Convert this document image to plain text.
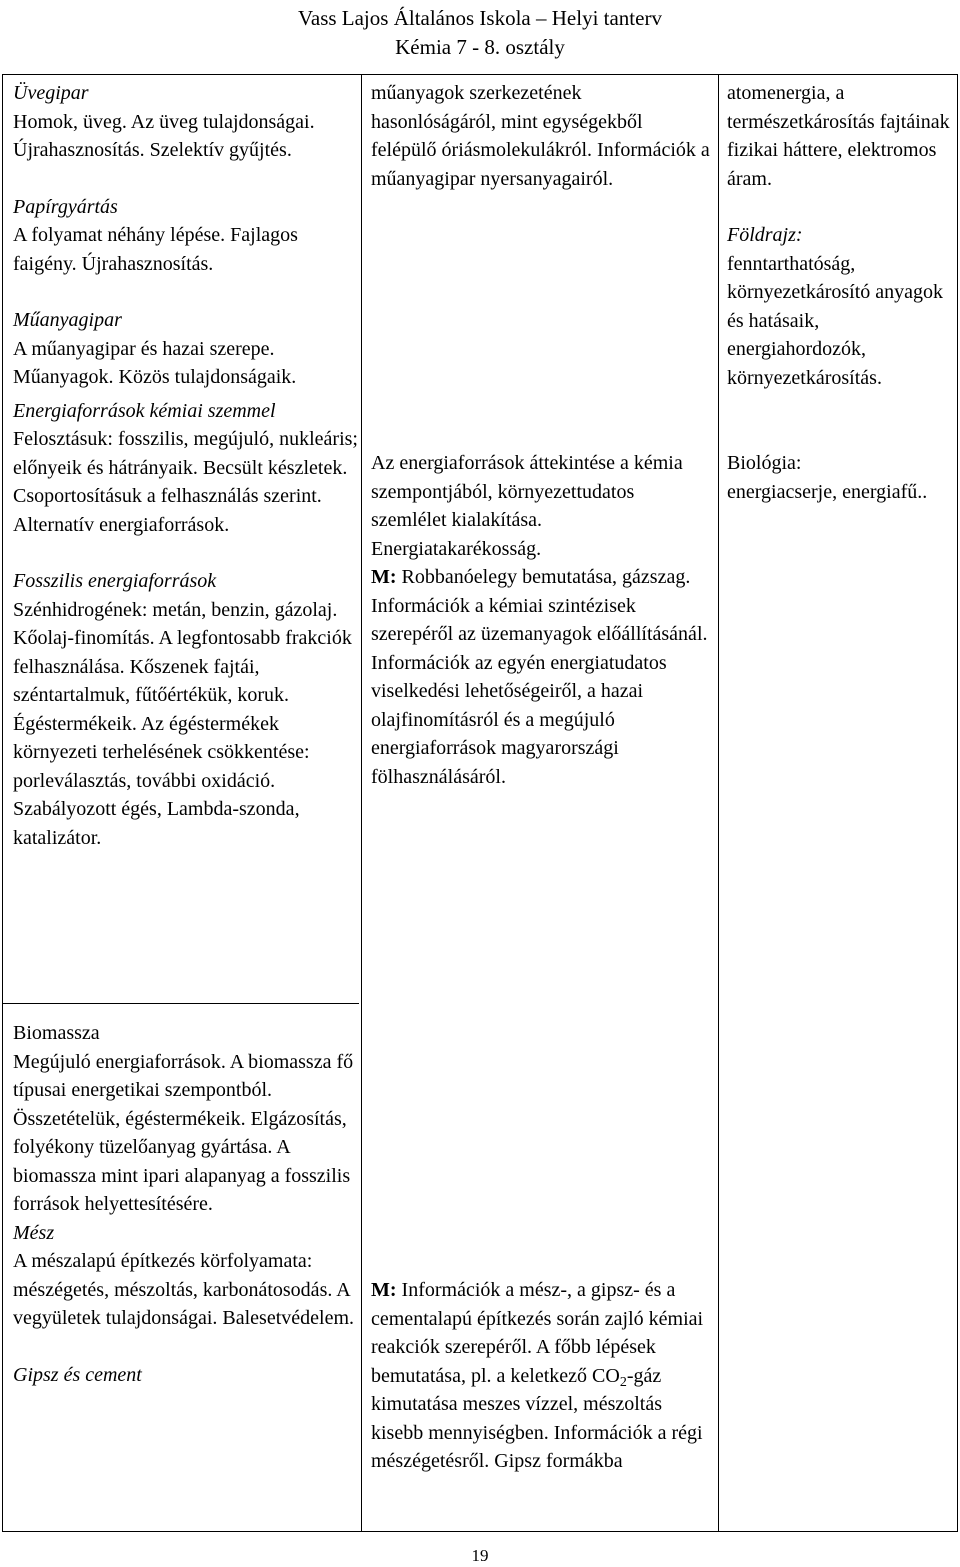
Vass Lajos Általános Iskola – Helyi tanterv
Kémia 7 - 8. osztály

Üvegipar

Homok, üveg. Az üveg tulajdonságai. Újrahasznosítás. Szelektív gyűjtés.

Papírgyártás

A folyamat néhány lépése. Fajlagos faigény. Újrahasznosítás.

Műanyagipar

A műanyagipar és hazai szerepe. Műanyagok. Közös tulajdonságaik.

Energiaforrások kémiai szemmel

Felosztásuk: fosszilis, megújuló, nukleáris; előnyeik és hátrányaik. Becsült készletek. Csoportosításuk a felhasználás szerint. Alternatív energiaforrások.

Fosszilis energiaforrások

Szénhidrogének: metán, benzin, gázolaj. Kőolaj-finomítás. A legfontosabb frakciók felhasználása. Kőszenek fajtái, széntartalmuk, fűtőértékük, koruk. Égéstermékeik. Az égéstermékek környezeti terhelésének csökkentése: porleválasztás, további oxidáció. Szabályozott égés, Lambda-szonda, katalizátor.

Biomassza

Megújuló energiaforrások. A biomassza fő típusai energetikai szempontból. Összetételük, égéstermékeik. Elgázosítás, folyékony tüzelőanyag gyártása. A biomassza mint ipari alapanyag a fosszilis források helyettesítésére.

Mész

A mészalapú építkezés körfolyamata: mészégetés, mészoltás, karbonátosodás. A vegyületek tulajdonságai. Balesetvédelem.

Gipsz és cement

műanyagok szerkezetének hasonlóságáról, mint egységekből felépülő óriásmolekulákról. Információk a műanyagipar nyersanyagairól.

Az energiaforrások áttekintése a kémia szempontjából, környezettudatos szemlélet kialakítása. Energiatakarékosság.

M: Robbanóelegy bemutatása, gázszag. Információk a kémiai szintézisek szerepéről az üzemanyagok előállításánál. Információk az egyén energiatudatos viselkedési lehetőségeiről, a hazai olajfinomításról és a megújuló energiaforrások magyarországi fölhasználásáról.

M: Információk a mész-, a gipsz- és a cementalapú építkezés során zajló kémiai reakciók szerepéről. A főbb lépések bemutatása, pl. a keletkező $CO_2$-gáz kimutatása meszes vízzel, mészoltás kisebb mennyiségben. Információk a régi mészégetésről. Gipsz formákba

atomenergia, a természetkárosítás fajtáinak fizikai háttere, elektromos áram.

Földrajz:

fenntarthatóság, környezetkárosító anyagok és hatásaik, energiahordozók, környezetkárosítás.

Biológia:

energiacserje, energiafű..

19
